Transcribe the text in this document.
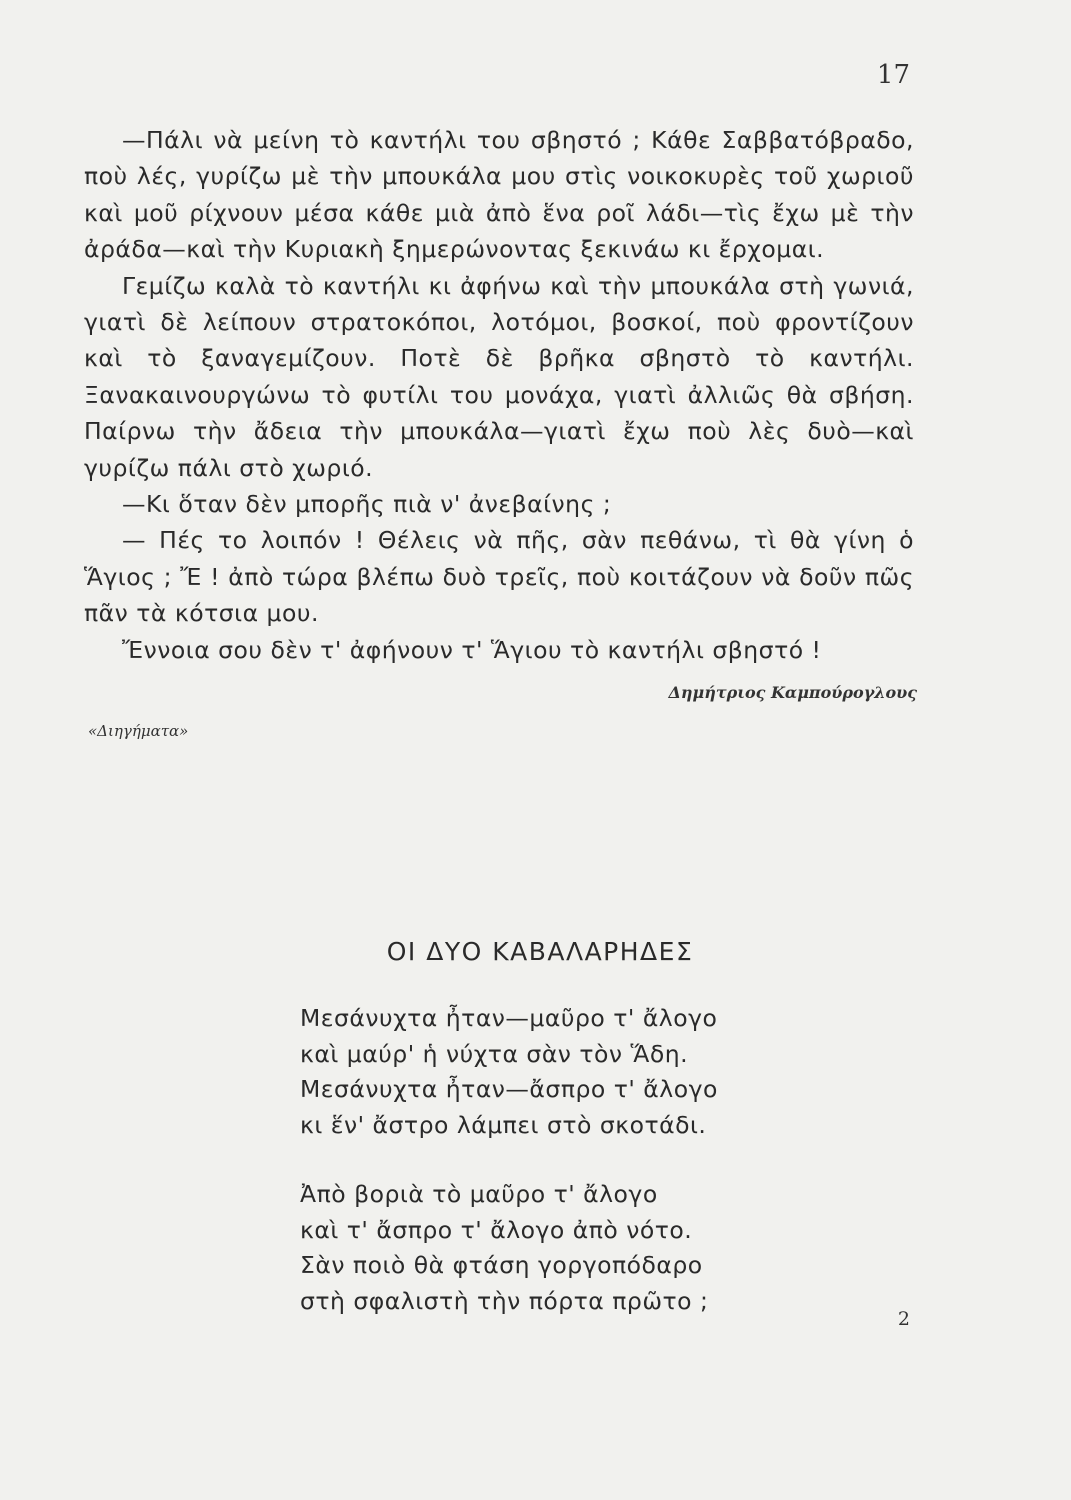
17

—Πάλι νὰ μείνη τὸ καντήλι του σβηστό ; Κάθε Σαββατόβραδο, ποὺ λές, γυρίζω μὲ τὴν μπουκάλα μου στὶς νοικοκυρὲς τοῦ χωριοῦ καὶ μοῦ ρίχνουν μέσα κάθε μιὰ ἀπὸ ἕνα ροῖ λάδι—τὶς ἔχω μὲ τὴν ἀράδα—καὶ τὴν Κυριακὴ ξημερώνοντας ξεκινάω κι ἔρχομαι.

Γεμίζω καλὰ τὸ καντήλι κι ἀφήνω καὶ τὴν μπουκάλα στὴ γωνιά, γιατὶ δὲ λείπουν στρατοκόποι, λοτόμοι, βοσκοί, ποὺ φροντίζουν καὶ τὸ ξαναγεμίζουν. Ποτὲ δὲ βρῆκα σβηστὸ τὸ καντήλι. Ξανακαινουργώνω τὸ φυτίλι του μονάχα, γιατὶ ἀλλιῶς θὰ σβήση. Παίρνω τὴν ἄδεια τὴν μπουκάλα—γιατὶ ἔχω ποὺ λὲς δυὸ—καὶ γυρίζω πάλι στὸ χωριό.

—Κι ὅταν δὲν μπορῆς πιὰ ν' ἀνεβαίνης ;

— Πές το λοιπόν ! Θέλεις νὰ πῆς, σὰν πεθάνω, τὶ θὰ γίνη ὁ Ἅγιος ; Ἔ ! ἀπὸ τώρα βλέπω δυὸ τρεῖς, ποὺ κοιτάζουν νὰ δοῦν πῶς πᾶν τὰ κότσια μου.

Ἔννοια σου δὲν τ' ἀφήνουν τ' Ἅγιου τὸ καντήλι σβηστό !

Δημήτριος Καμπούρογλους
«Διηγήματα»
ΟΙ ΔΥΟ ΚΑΒΑΛΑΡΗΔΕΣ
Μεσάνυχτα ἦταν—μαῦρο τ' ἄλογο
καὶ μαύρ' ἡ νύχτα σὰν τὸν Ἅδη.
Μεσάνυχτα ἦταν—ἄσπρο τ' ἄλογο
κι ἕν' ἄστρο λάμπει στὸ σκοτάδι.
Ἀπὸ βοριὰ τὸ μαῦρο τ' ἄλογο
καὶ τ' ἄσπρο τ' ἄλογο ἀπὸ νότο.
Σὰν ποιὸ θὰ φτάση γοργοπόδαρο
στὴ σφαλιστὴ τὴν πόρτα πρῶτο ;
2
